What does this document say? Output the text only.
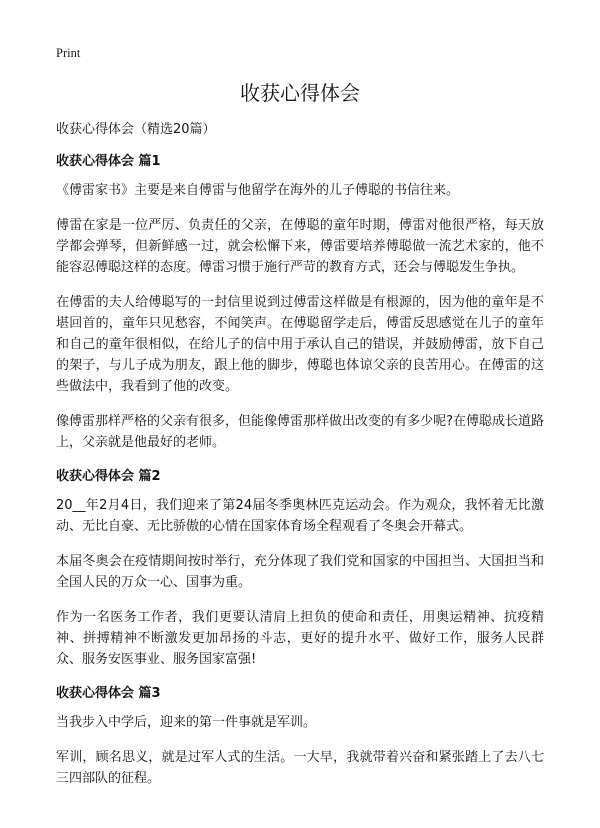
Print
收获心得体会
收获心得体会（精选20篇）
收获心得体会 篇1

《傅雷家书》主要是来自傅雷与他留学在海外的儿子傅聪的书信往来。

傅雷在家是一位严厉、负责任的父亲，在傅聪的童年时期，傅雷对他很严格，每天放学都会弹琴，但新鲜感一过，就会松懈下来，傅雷要培养傅聪做一流艺术家的，他不能容忍傅聪这样的态度。傅雷习惯于施行严苛的教育方式，还会与傅聪发生争执。

在傅雷的夫人给傅聪写的一封信里说到过傅雷这样做是有根源的，因为他的童年是不堪回首的，童年只见愁容，不闻笑声。在傅聪留学走后，傅雷反思感觉在儿子的童年和自己的童年很相似，在给儿子的信中用于承认自己的错误，并鼓励傅雷，放下自己的架子，与儿子成为朋友，跟上他的脚步，傅聪也体谅父亲的良苦用心。在傅雷的这些做法中，我看到了他的改变。

像傅雷那样严格的父亲有很多，但能像傅雷那样做出改变的有多少呢?在傅聪成长道路上，父亲就是他最好的老师。

收获心得体会 篇2

20__年2月4日，我们迎来了第24届冬季奥林匹克运动会。作为观众，我怀着无比激动、无比自豪、无比骄傲的心情在国家体育场全程观看了冬奥会开幕式。

本届冬奥会在疫情期间按时举行，充分体现了我们党和国家的中国担当、大国担当和全国人民的万众一心、国事为重。

作为一名医务工作者，我们更要认清肩上担负的使命和责任，用奥运精神、抗疫精神、拼搏精神不断激发更加昂扬的斗志，更好的提升水平、做好工作，服务人民群众、服务安医事业、服务国家富强!

收获心得体会 篇3

当我步入中学后，迎来的第一件事就是军训。

军训，顾名思义，就是过军人式的生活。一大早，我就带着兴奋和紧张踏上了去八七三四部队的征程。
